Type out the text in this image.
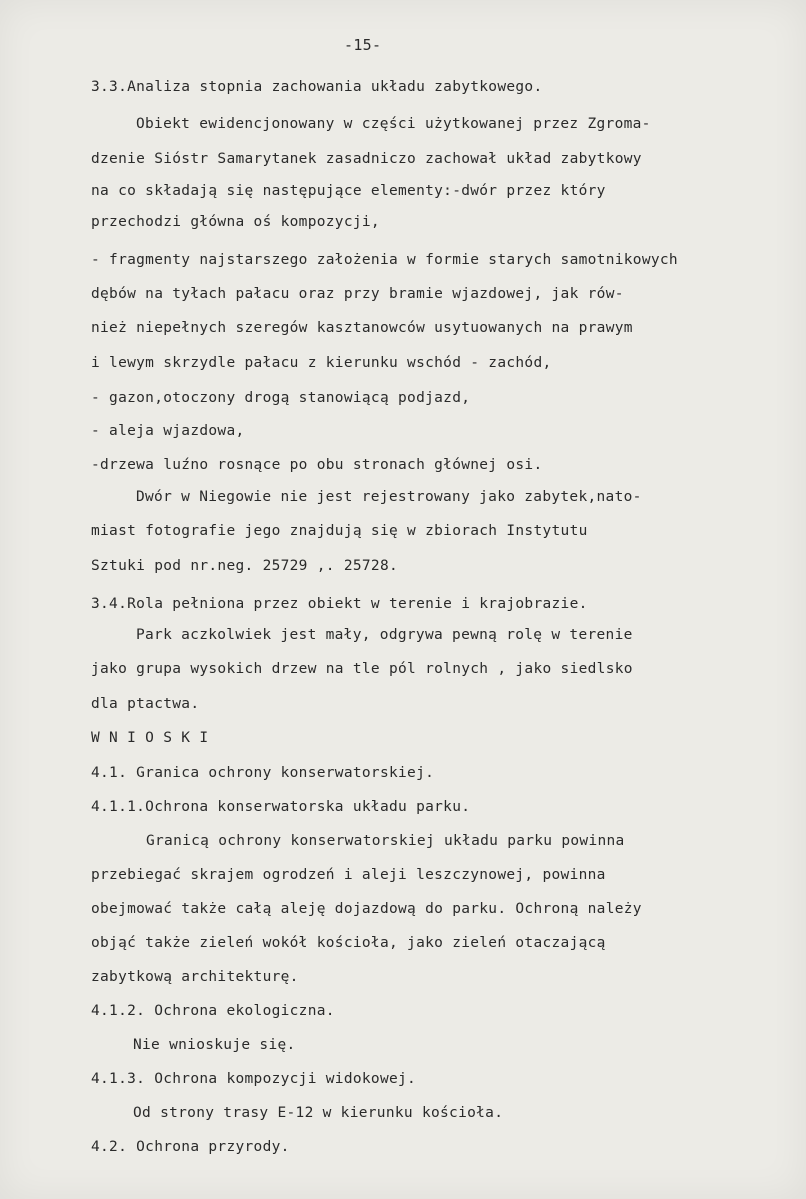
-15-
3.3.Analiza stopnia zachowania układu zabytkowego.
Obiekt ewidencjonowany w części użytkowanej przez Zgroma-
dzenie Sióstr Samarytanek zasadniczo zachował układ zabytkowy
na co składają się następujące elementy:-dwór przez który
przechodzi główna oś kompozycji,
- fragmenty najstarszego założenia w formie starych samotnikowych
dębów na tyłach pałacu oraz przy bramie wjazdowej, jak rów-
nież niepełnych szeregów kasztanowców usytuowanych na prawym
i lewym skrzydle pałacu z kierunku wschód - zachód,
- gazon,otoczony drogą stanowiącą podjazd,
- aleja wjazdowa,
-drzewa luźno rosnące po obu stronach głównej osi.
Dwór w Niegowie nie jest rejestrowany jako zabytek,nato-
miast fotografie jego znajdują się w zbiorach Instytutu
Sztuki pod nr.neg. 25729 ,. 25728.
3.4.Rola pełniona przez obiekt w terenie i krajobrazie.
Park aczkolwiek jest mały, odgrywa pewną rolę w terenie
jako grupa wysokich drzew na tle pól rolnych , jako siedlsko
dla ptactwa.
W N I O S K I
4.1. Granica ochrony konserwatorskiej.
4.1.1.Ochrona konserwatorska układu parku.
Granicą ochrony konserwatorskiej układu parku powinna
przebiegać skrajem ogrodzeń i aleji leszczynowej, powinna
obejmować także całą aleję dojazdową do parku. Ochroną należy
objąć także zieleń wokół kościoła, jako zieleń otaczającą
zabytkową architekturę.
4.1.2. Ochrona ekologiczna.
Nie wnioskuje się.
4.1.3. Ochrona kompozycji widokowej.
Od strony trasy E-12 w kierunku kościoła.
4.2. Ochrona przyrody.
